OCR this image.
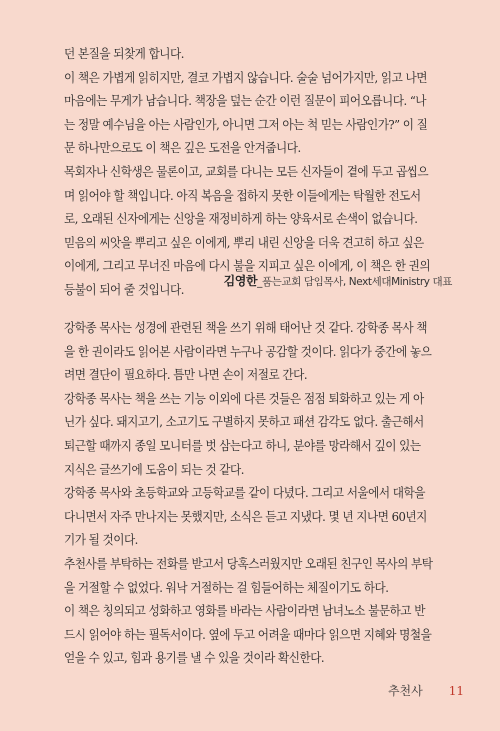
던 본질을 되찾게 합니다.
이 책은 가볍게 읽히지만, 결코 가볍지 않습니다. 술술 넘어가지만, 읽고 나면
마음에는 무게가 남습니다. 책장을 덮는 순간 이런 질문이 피어오릅니다. “나
는 정말 예수님을 아는 사람인가, 아니면 그저 아는 척 믿는 사람인가?” 이 질
문 하나만으로도 이 책은 깊은 도전을 안겨줍니다.
목회자나 신학생은 물론이고, 교회를 다니는 모든 신자들이 곁에 두고 곱씹으
며 읽어야 할 책입니다. 아직 복음을 접하지 못한 이들에게는 탁월한 전도서
로, 오래된 신자에게는 신앙을 재정비하게 하는 양육서로 손색이 없습니다.
믿음의 씨앗을 뿌리고 싶은 이에게, 뿌리 내린 신앙을 더욱 견고히 하고 싶은
이에게, 그리고 무너진 마음에 다시 불을 지피고 싶은 이에게, 이 책은 한 권의
등불이 되어 줄 것입니다.
김영한_품는교회 담임목사, Next세대Ministry 대표
강학종 목사는 성경에 관련된 책을 쓰기 위해 태어난 것 같다. 강학종 목사 책
을 한 권이라도 읽어본 사람이라면 누구나 공감할 것이다. 읽다가 중간에 놓으
려면 결단이 필요하다. 틈만 나면 손이 저절로 간다.
강학종 목사는 책을 쓰는 기능 이외에 다른 것들은 점점 퇴화하고 있는 게 아
닌가 싶다. 돼지고기, 소고기도 구별하지 못하고 패션 감각도 없다. 출근해서
퇴근할 때까지 종일 모니터를 벗 삼는다고 하니, 분야를 망라해서 깊이 있는
지식은 글쓰기에 도움이 되는 것 같다.
강학종 목사와 초등학교와 고등학교를 같이 다녔다. 그리고 서울에서 대학을
다니면서 자주 만나지는 못했지만, 소식은 듣고 지냈다. 몇 년 지나면 60년지
기가 될 것이다.
추천사를 부탁하는 전화를 받고서 당혹스러웠지만 오래된 친구인 목사의 부탁
을 거절할 수 없었다. 워낙 거절하는 걸 힘들어하는 체질이기도 하다.
이 책은 칭의되고 성화하고 영화를 바라는 사람이라면 남녀노소 불문하고 반
드시 읽어야 하는 필독서이다. 옆에 두고 어려울 때마다 읽으면 지혜와 명철을
얻을 수 있고, 힘과 용기를 낼 수 있을 것이라 확신한다.
추천사 11
